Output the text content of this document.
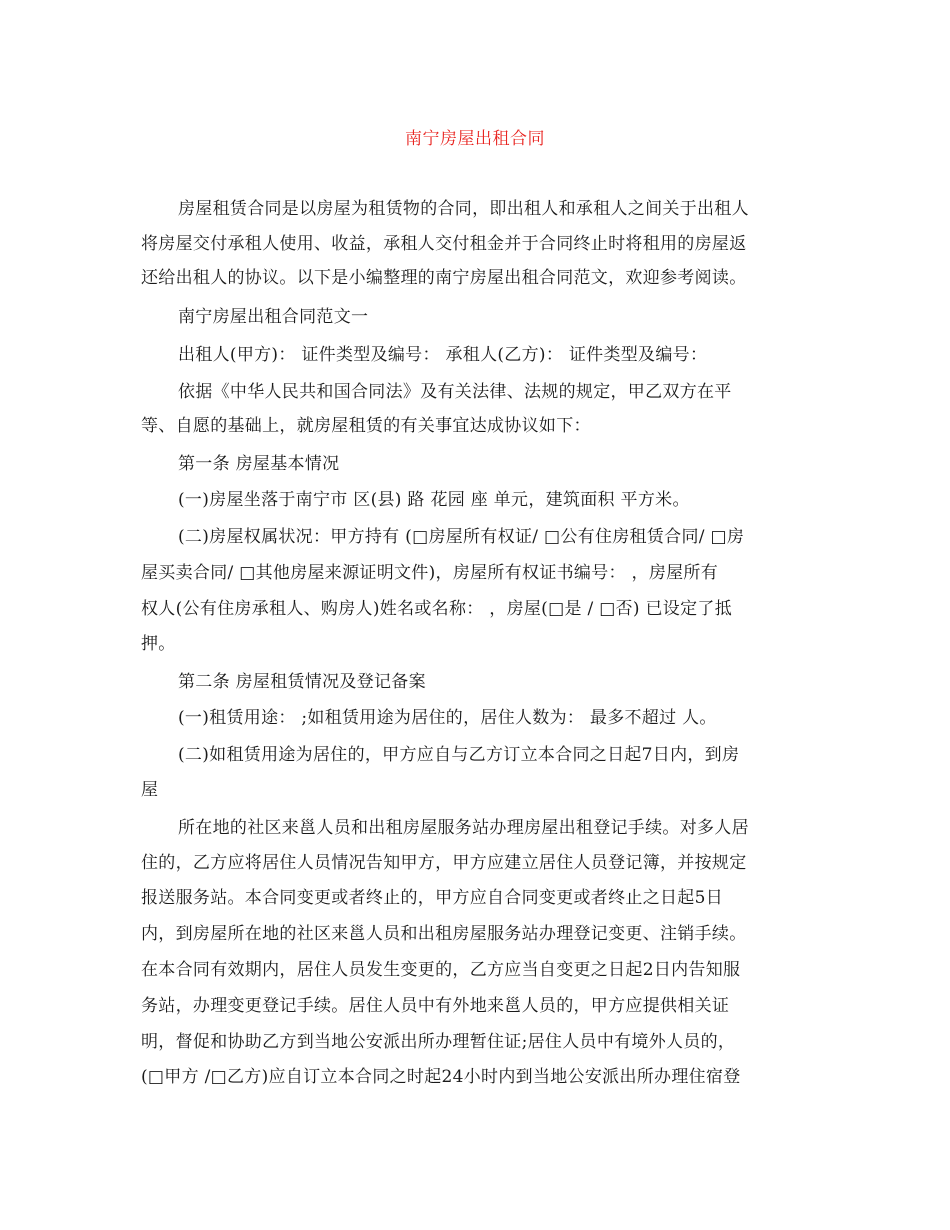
南宁房屋出租合同
房屋租赁合同是以房屋为租赁物的合同，即出租人和承租人之间关于出租人
将房屋交付承租人使用、收益，承租人交付租金并于合同终止时将租用的房屋返
还给出租人的协议。以下是小编整理的南宁房屋出租合同范文，欢迎参考阅读。
南宁房屋出租合同范文一
出租人(甲方)： 证件类型及编号： 承租人(乙方)： 证件类型及编号：
依据《中华人民共和国合同法》及有关法律、法规的规定，甲乙双方在平
等、自愿的基础上，就房屋租赁的有关事宜达成协议如下：
第一条 房屋基本情况
(一)房屋坐落于南宁市 区(县) 路 花园 座 单元，建筑面积 平方米。
(二)房屋权属状况：甲方持有 (□房屋所有权证/ □公有住房租赁合同/ □房
屋买卖合同/ □其他房屋来源证明文件)，房屋所有权证书编号： ，房屋所有
权人(公有住房承租人、购房人)姓名或名称： ，房屋(□是 / □否) 已设定了抵
押。
第二条 房屋租赁情况及登记备案
(一)租赁用途： ;如租赁用途为居住的，居住人数为： 最多不超过 人。
(二)如租赁用途为居住的，甲方应自与乙方订立本合同之日起7日内，到房
屋
所在地的社区来邕人员和出租房屋服务站办理房屋出租登记手续。对多人居
住的，乙方应将居住人员情况告知甲方，甲方应建立居住人员登记簿，并按规定
报送服务站。本合同变更或者终止的，甲方应自合同变更或者终止之日起5日
内，到房屋所在地的社区来邕人员和出租房屋服务站办理登记变更、注销手续。
在本合同有效期内，居住人员发生变更的，乙方应当自变更之日起2日内告知服
务站，办理变更登记手续。居住人员中有外地来邕人员的，甲方应提供相关证
明，督促和协助乙方到当地公安派出所办理暂住证;居住人员中有境外人员的，
(□甲方 /□乙方)应自订立本合同之时起24小时内到当地公安派出所办理住宿登
